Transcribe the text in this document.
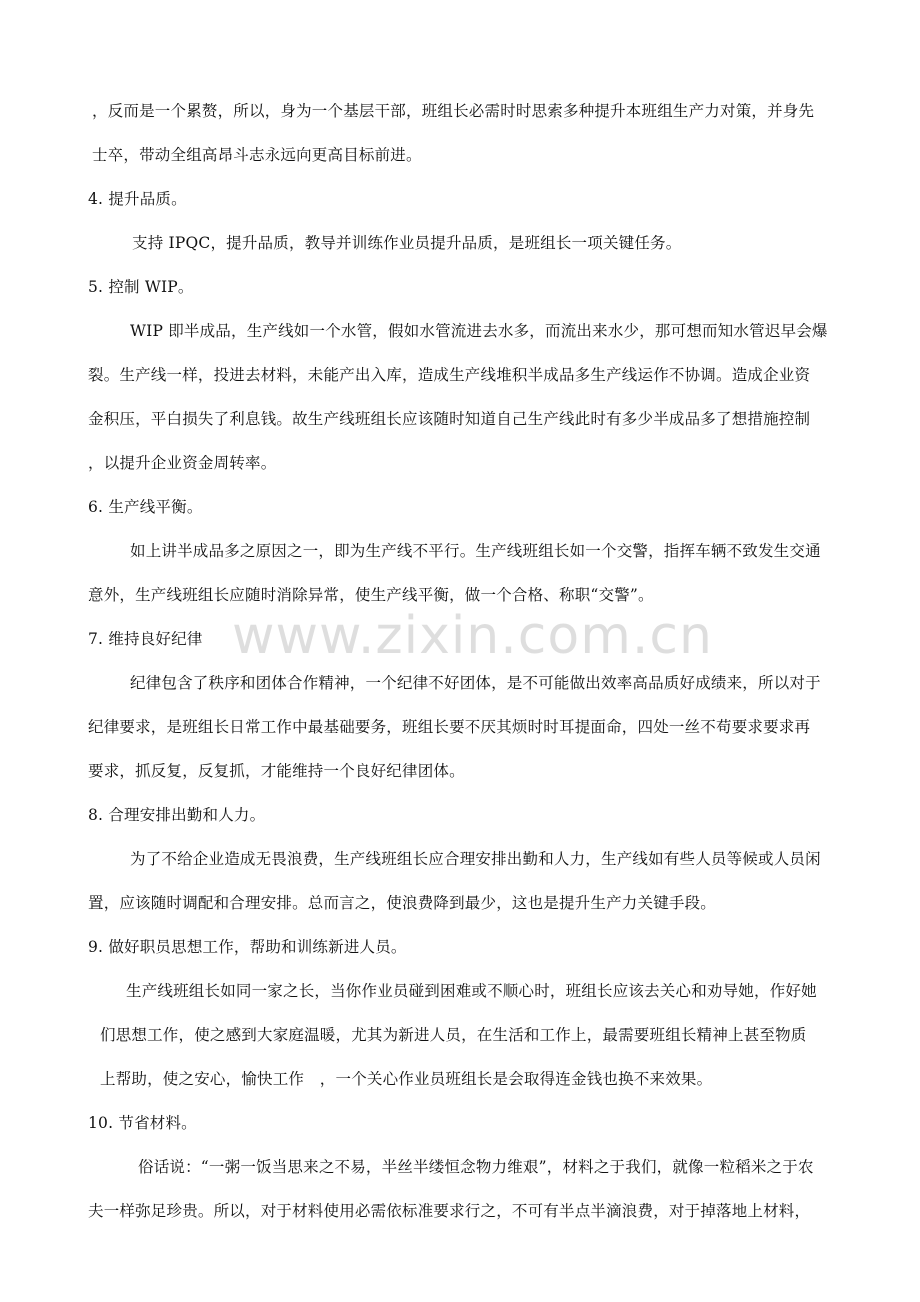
www.zixin.com.cn
，反而是一个累赘，所以，身为一个基层干部，班组长必需时时思索多种提升本班组生产力对策，并身先
士卒，带动全组高昂斗志永远向更高目标前进。
4. 提升品质。
支持 IPQC，提升品质，教导并训练作业员提升品质，是班组长一项关键任务。
5. 控制 WIP。
WIP 即半成品，生产线如一个水管，假如水管流进去水多，而流出来水少，那可想而知水管迟早会爆
裂。生产线一样，投进去材料，未能产出入库，造成生产线堆积半成品多生产线运作不协调。造成企业资
金积压，平白损失了利息钱。故生产线班组长应该随时知道自己生产线此时有多少半成品多了想措施控制
，以提升企业资金周转率。
6. 生产线平衡。
如上讲半成品多之原因之一，即为生产线不平行。生产线班组长如一个交警，指挥车辆不致发生交通
意外，生产线班组长应随时消除异常，使生产线平衡，做一个合格、称职“交警”。
7. 维持良好纪律
纪律包含了秩序和团体合作精神，一个纪律不好团体，是不可能做出效率高品质好成绩来，所以对于
纪律要求，是班组长日常工作中最基础要务，班组长要不厌其烦时时耳提面命，四处一丝不苟要求要求再
要求，抓反复，反复抓，才能维持一个良好纪律团体。
8. 合理安排出勤和人力。
为了不给企业造成无畏浪费，生产线班组长应合理安排出勤和人力，生产线如有些人员等候或人员闲
置，应该随时调配和合理安排。总而言之，使浪费降到最少，这也是提升生产力关键手段。
9. 做好职员思想工作，帮助和训练新进人员。
生产线班组长如同一家之长，当你作业员碰到困难或不顺心时，班组长应该去关心和劝导她，作好她
们思想工作，使之感到大家庭温暖，尤其为新进人员，在生活和工作上，最需要班组长精神上甚至物质
上帮助，使之安心，愉快工作　，一个关心作业员班组长是会取得连金钱也换不来效果。
10. 节省材料。
俗话说：“一粥一饭当思来之不易，半丝半缕恒念物力维艰”，材料之于我们，就像一粒稻米之于农
夫一样弥足珍贵。所以，对于材料使用必需依标准要求行之，不可有半点半滴浪费，对于掉落地上材料，
